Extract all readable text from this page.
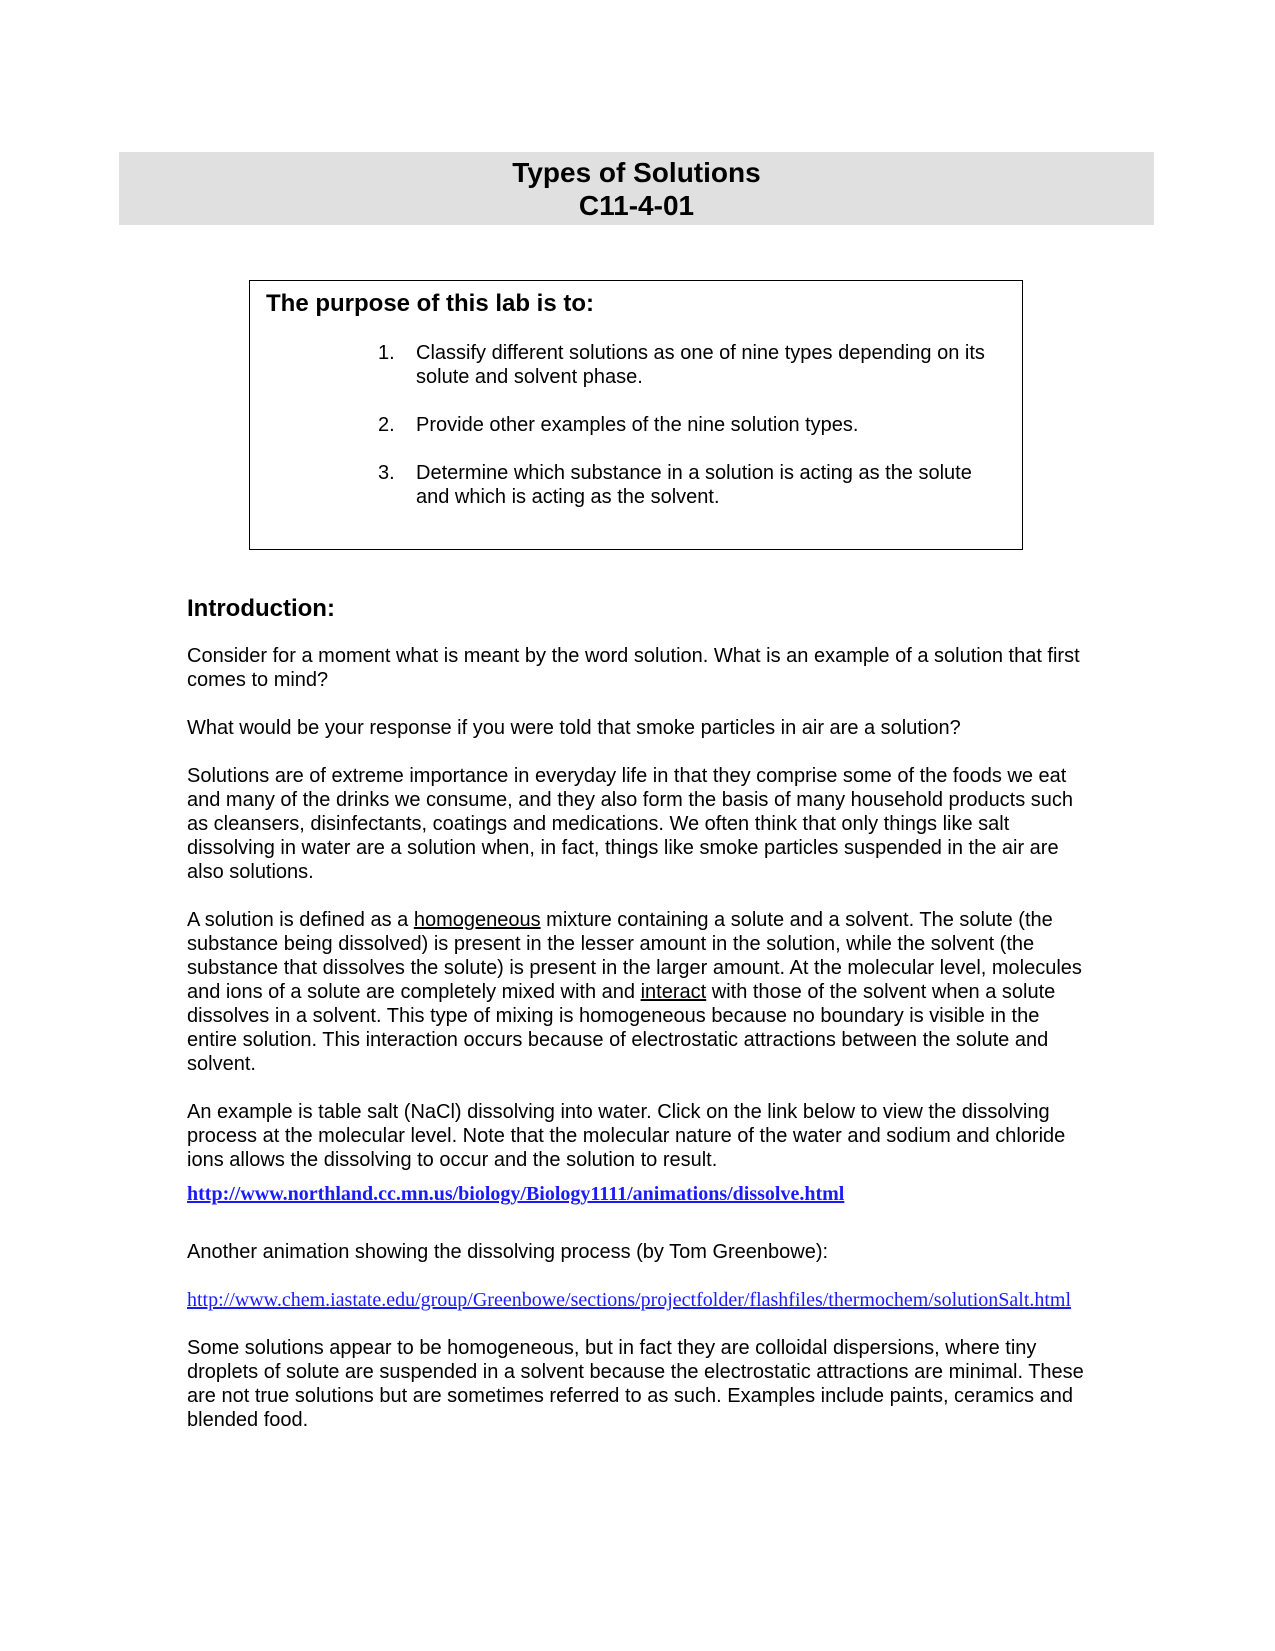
Types of Solutions
C11-4-01
The purpose of this lab is to:
1. Classify different solutions as one of nine types depending on its solute and solvent phase.
2. Provide other examples of the nine solution types.
3. Determine which substance in a solution is acting as the solute and which is acting as the solvent.
Introduction:

Consider for a moment what is meant by the word solution. What is an example of a solution that first comes to mind?

What would be your response if you were told that smoke particles in air are a solution?

Solutions are of extreme importance in everyday life in that they comprise some of the foods we eat and many of the drinks we consume, and they also form the basis of many household products such as cleansers, disinfectants, coatings and medications. We often think that only things like salt dissolving in water are a solution when, in fact, things like smoke particles suspended in the air are also solutions.

A solution is defined as a homogeneous mixture containing a solute and a solvent. The solute (the substance being dissolved) is present in the lesser amount in the solution, while the solvent (the substance that dissolves the solute) is present in the larger amount. At the molecular level, molecules and ions of a solute are completely mixed with and interact with those of the solvent when a solute dissolves in a solvent. This type of mixing is homogeneous because no boundary is visible in the entire solution. This interaction occurs because of electrostatic attractions between the solute and solvent.

An example is table salt (NaCl) dissolving into water. Click on the link below to view the dissolving process at the molecular level. Note that the molecular nature of the water and sodium and chloride ions allows the dissolving to occur and the solution to result.

http://www.northland.cc.mn.us/biology/Biology1111/animations/dissolve.html

Another animation showing the dissolving process (by Tom Greenbowe):

http://www.chem.iastate.edu/group/Greenbowe/sections/projectfolder/flashfiles/thermochem/solutionSalt.html

Some solutions appear to be homogeneous, but in fact they are colloidal dispersions, where tiny droplets of solute are suspended in a solvent because the electrostatic attractions are minimal. These are not true solutions but are sometimes referred to as such. Examples include paints, ceramics and blended food.
